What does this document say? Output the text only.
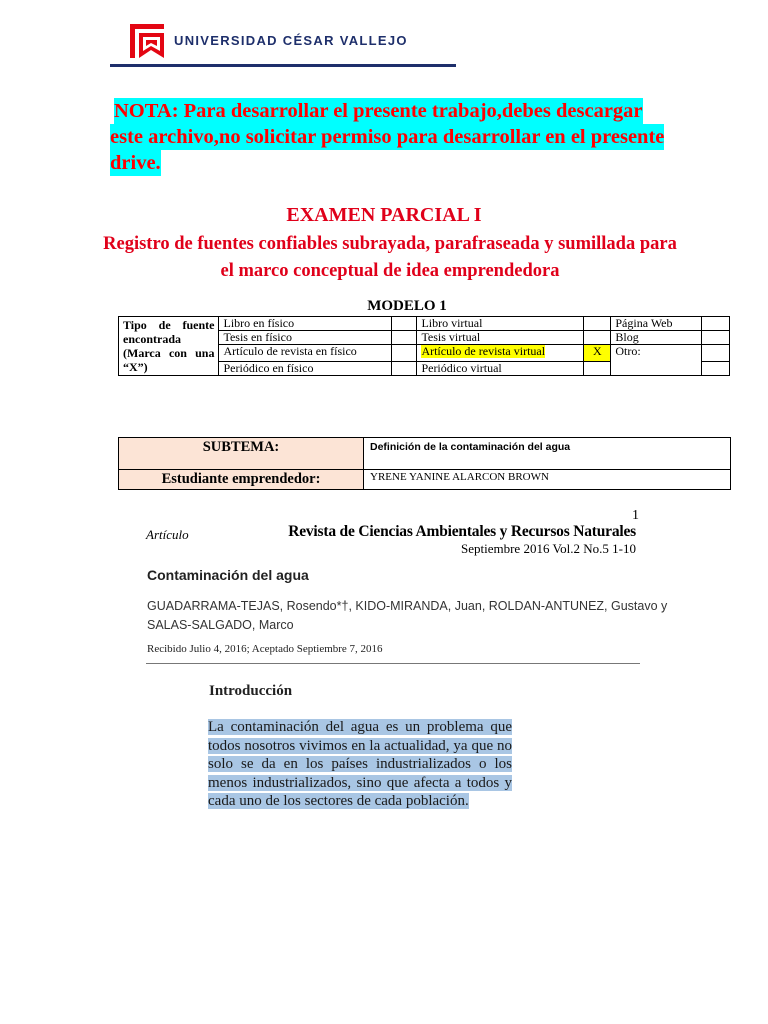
UNIVERSIDAD CÉSAR VALLEJO
NOTA: Para desarrollar el presente trabajo,debes descargar
este archivo,no solicitar permiso para desarrollar en el presente
drive.
EXAMEN PARCIAL I
Registro de fuentes confiables subrayada, parafraseada y sumillada para el marco conceptual de idea emprendedora
MODELO 1
Tipo de fuente encontrada (Marca con una “X”)	Libro en físico		Libro virtual		Página Web	
	Tesis en físico		Tesis virtual		Blog	
	Artículo de revista en físico		Artículo de revista virtual	X	Otro:	
	Periódico en físico		Periódico virtual			
SUBTEMA:	Definición de la contaminación del agua
Estudiante emprendedor:	YRENE YANINE ALARCON BROWN
1
Artículo	Revista de Ciencias Ambientales y Recursos Naturales
Septiembre 2016 Vol.2 No.5 1-10
Contaminación del agua
GUADARRAMA-TEJAS, Rosendo*†, KIDO-MIRANDA, Juan, ROLDAN-ANTUNEZ, Gustavo y
SALAS-SALGADO, Marco
Recibido Julio 4, 2016; Aceptado Septiembre 7, 2016
Introducción
La contaminación del agua es un problema que todos nosotros vivimos en la actualidad, ya que no solo se da en los países industrializados o los menos industrializados, sino que afecta a todos y cada uno de los sectores de cada población.
